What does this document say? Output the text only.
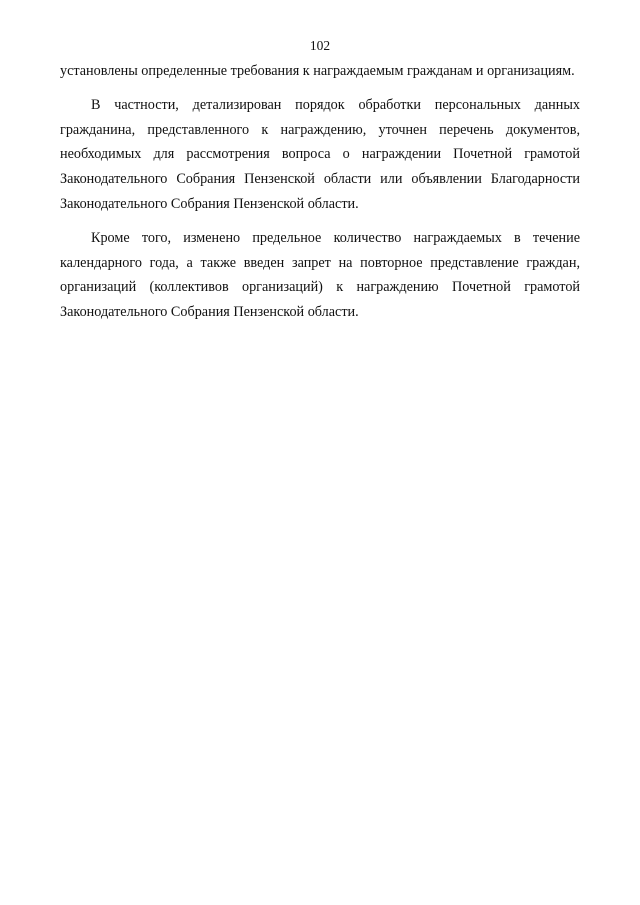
102

установлены определенные требования к награждаемым гражданам и организациям.

В частности, детализирован порядок обработки персональных данных гражданина, представленного к награждению, уточнен перечень документов, необходимых для рассмотрения вопроса о награждении Почетной грамотой Законодательного Собрания Пензенской области или объявлении Благодарности Законодательного Собрания Пензенской области.

Кроме того, изменено предельное количество награждаемых в течение календарного года, а также введен запрет на повторное представление граждан, организаций (коллективов организаций) к награждению Почетной грамотой Законодательного Собрания Пензенской области.
